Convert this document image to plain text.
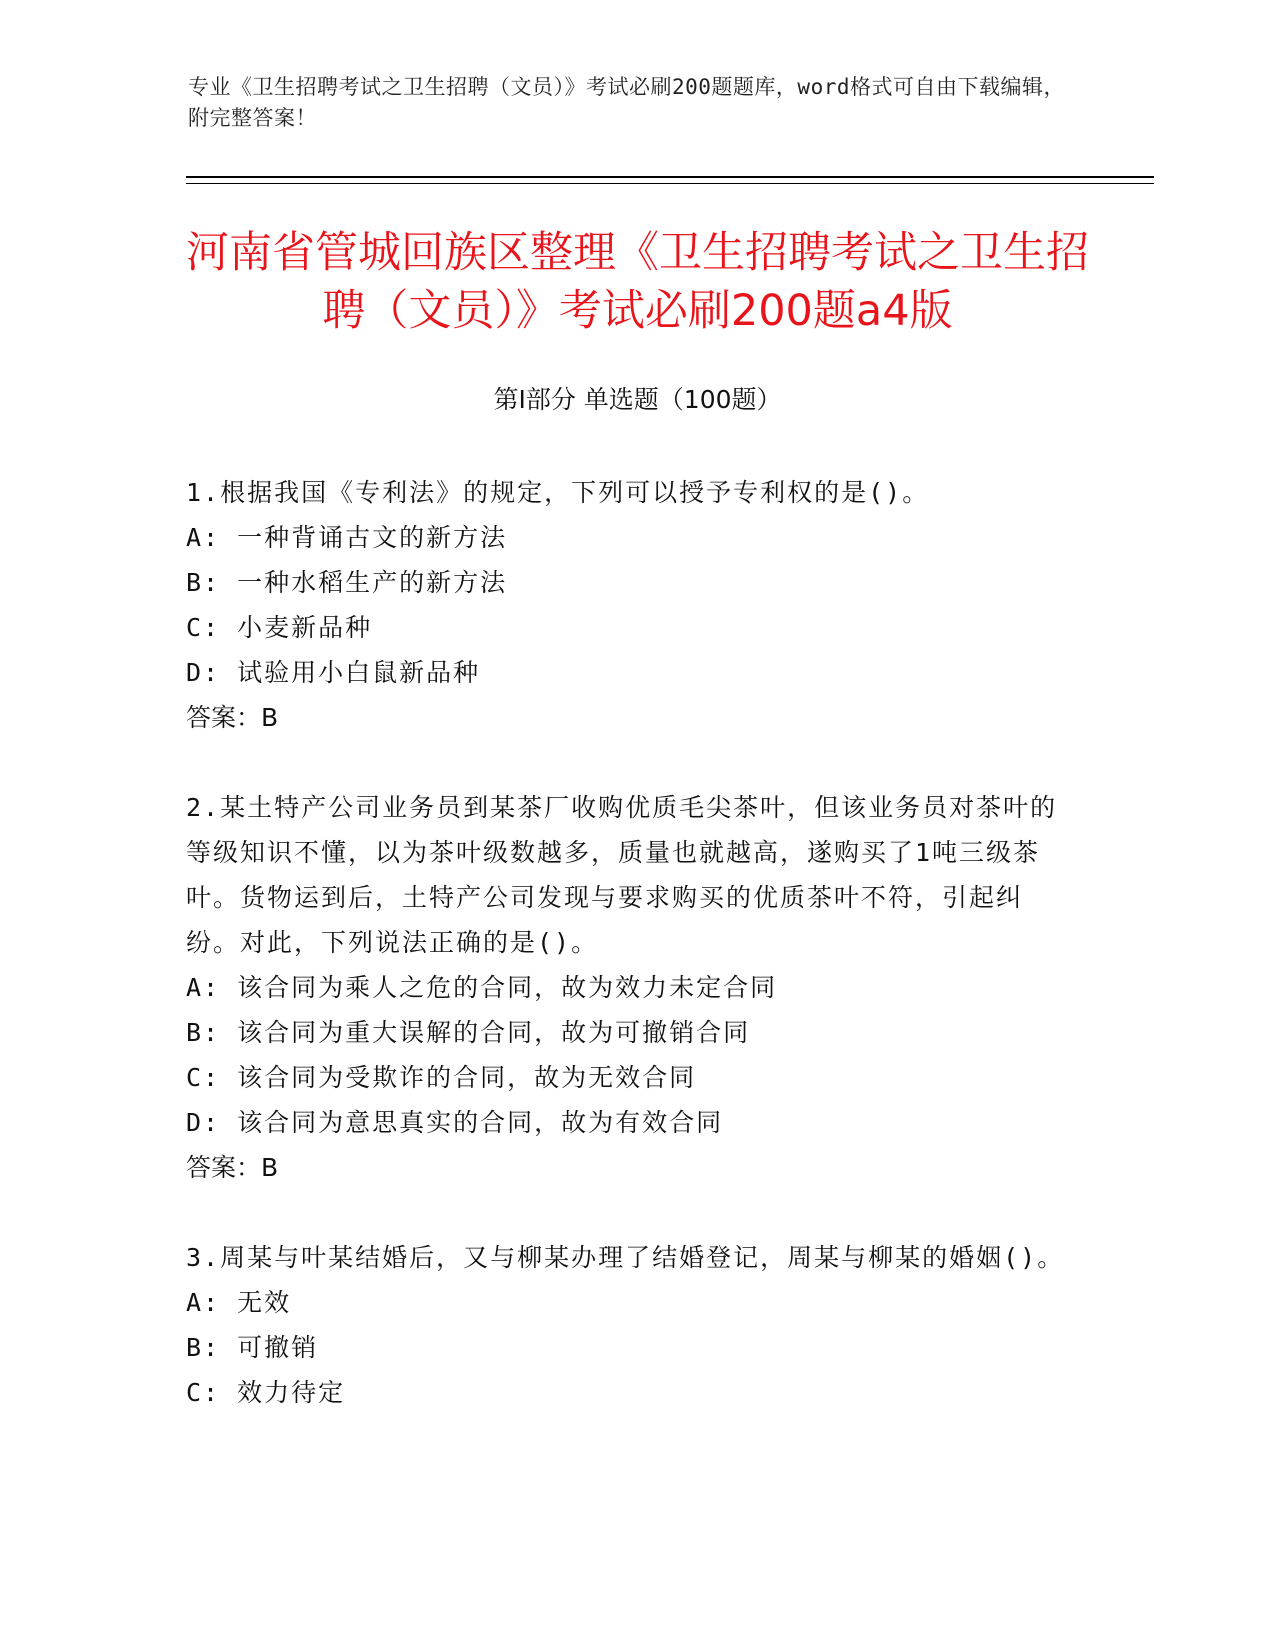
专业《卫生招聘考试之卫生招聘（文员）》考试必刷200题题库，word格式可自由下载编辑，附完整答案！
河南省管城回族区整理《卫生招聘考试之卫生招聘（文员）》考试必刷200题a4版
第Ⅰ部分 单选题（100题）

1.根据我国《专利法》的规定，下列可以授予专利权的是()。

A: 一种背诵古文的新方法

B: 一种水稻生产的新方法

C: 小麦新品种

D: 试验用小白鼠新品种

答案：B

2.某土特产公司业务员到某茶厂收购优质毛尖茶叶，但该业务员对茶叶的等级知识不懂，以为茶叶级数越多，质量也就越高，遂购买了1吨三级茶叶。货物运到后，土特产公司发现与要求购买的优质茶叶不符，引起纠纷。对此，下列说法正确的是()。

A: 该合同为乘人之危的合同，故为效力未定合同

B: 该合同为重大误解的合同，故为可撤销合同

C: 该合同为受欺诈的合同，故为无效合同

D: 该合同为意思真实的合同，故为有效合同

答案：B

3.周某与叶某结婚后，又与柳某办理了结婚登记，周某与柳某的婚姻()。

A: 无效

B: 可撤销

C: 效力待定
